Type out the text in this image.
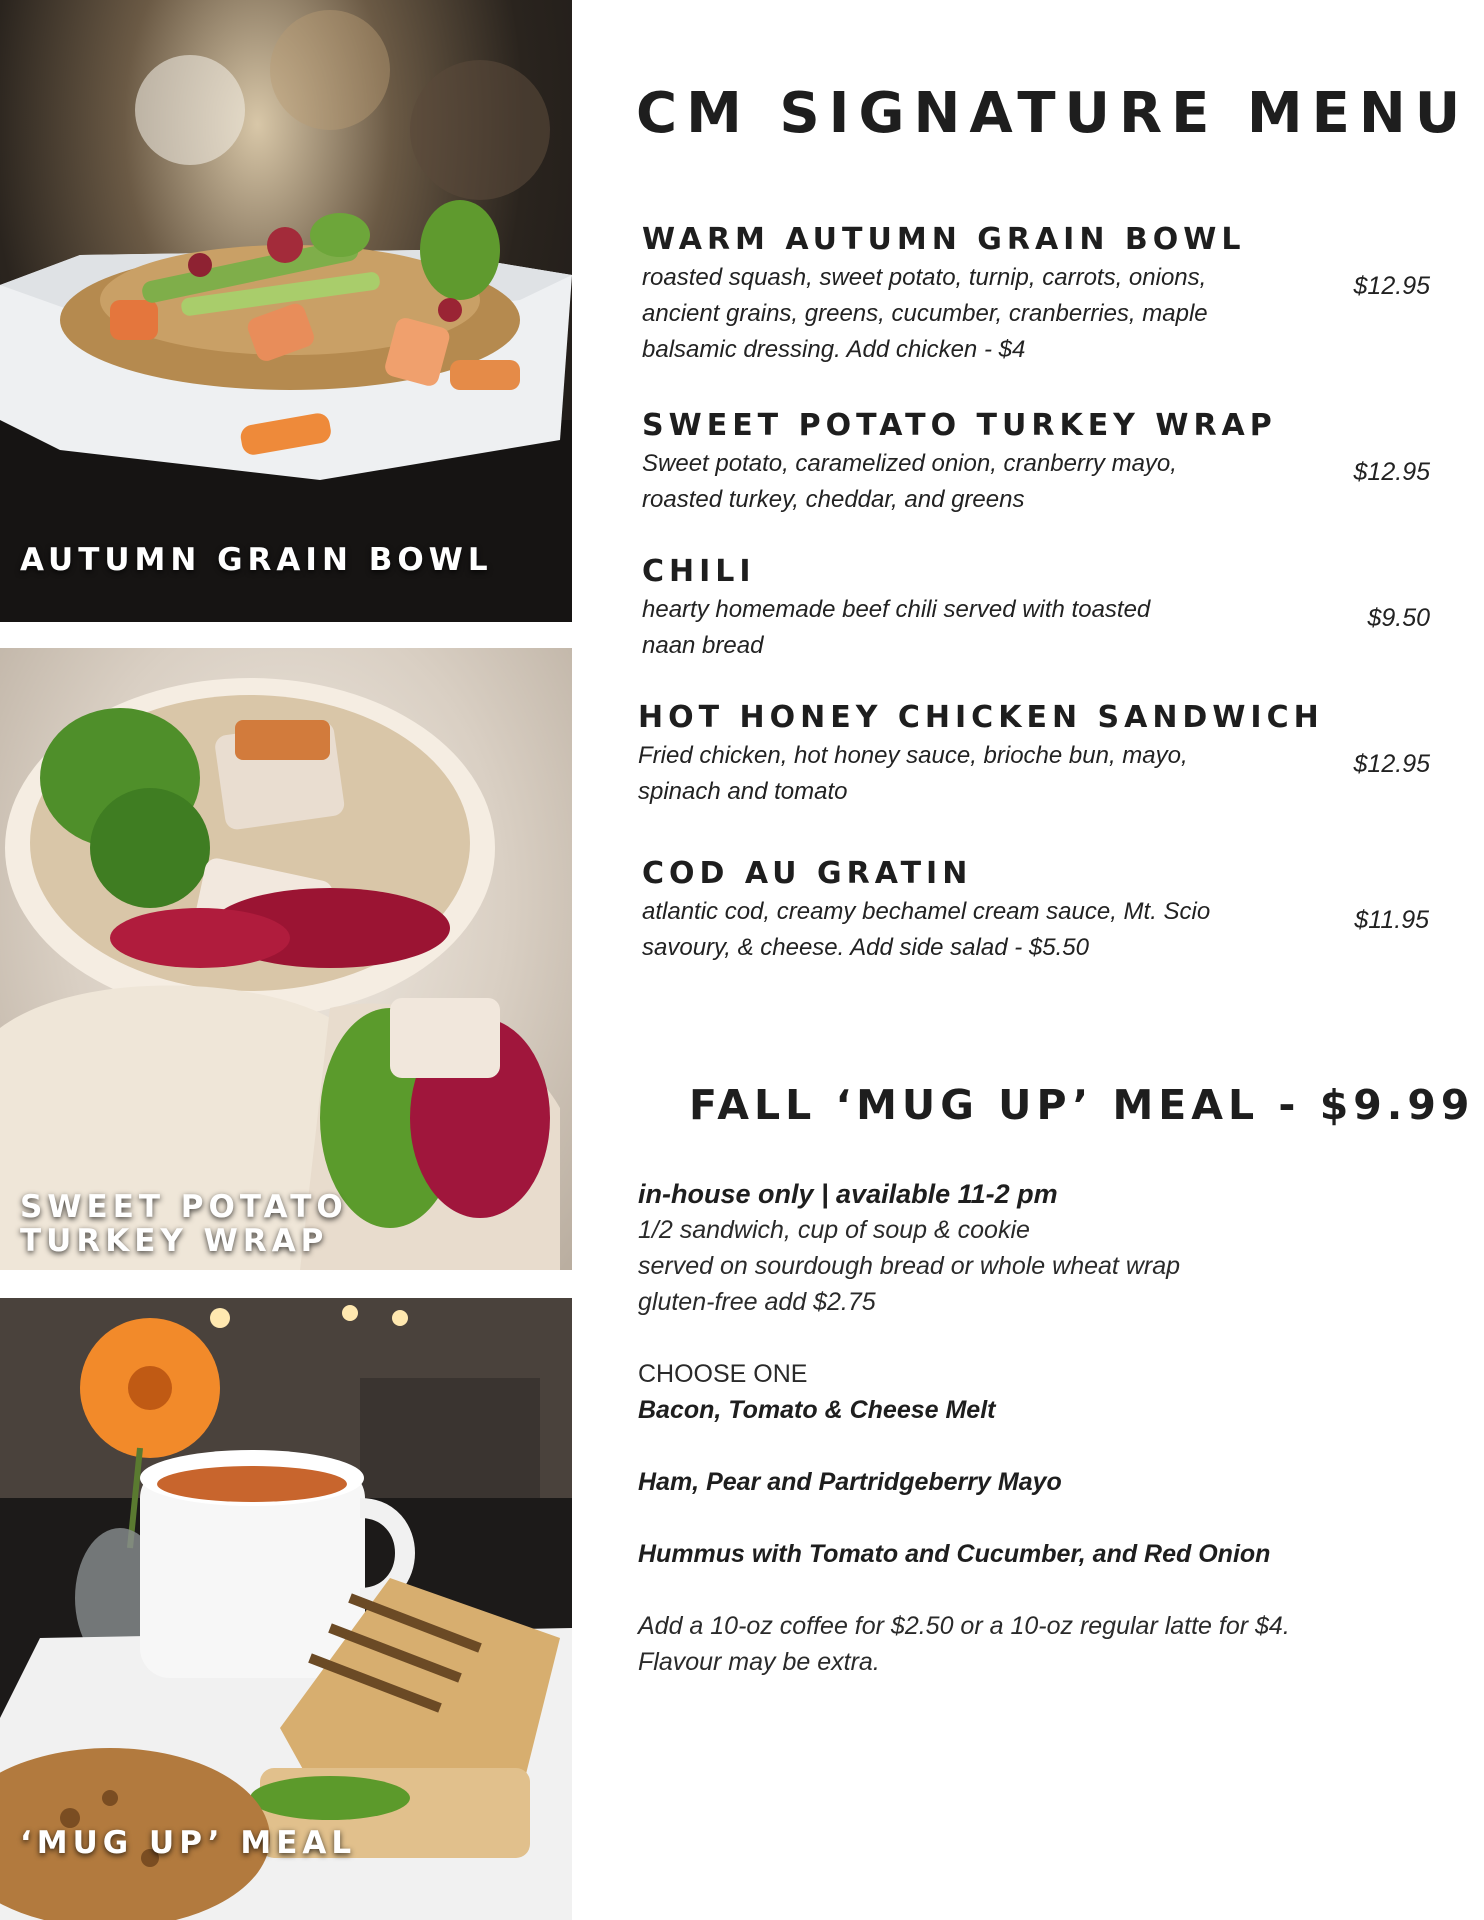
AUTUMN GRAIN BOWL

SWEET POTATO
TURKEY WRAP

‘MUG UP’ MEAL

CM SIGNATURE MENU
WARM AUTUMN GRAIN BOWL

roasted squash, sweet potato, turnip, carrots, onions, ancient grains, greens, cucumber, cranberries, maple balsamic dressing. Add chicken - $4

$12.95
SWEET POTATO TURKEY WRAP

Sweet potato, caramelized onion, cranberry mayo, roasted turkey, cheddar, and greens

$12.95
CHILI

hearty homemade beef chili served with toasted naan bread

$9.50
HOT HONEY CHICKEN SANDWICH

Fried chicken, hot honey sauce, brioche bun, mayo, spinach and tomato

$12.95
COD AU GRATIN

atlantic cod, creamy bechamel cream sauce, Mt. Scio savoury, & cheese. Add side salad - $5.50

$11.95
FALL ‘MUG UP’ MEAL - $9.99

in-house only | available 11-2 pm

1/2 sandwich, cup of soup & cookie

served on sourdough bread or whole wheat wrap

gluten-free add $2.75

CHOOSE ONE

Bacon, Tomato & Cheese Melt

Ham, Pear and Partridgeberry Mayo

Hummus with Tomato and Cucumber, and Red Onion

Add a 10-oz coffee for $2.50 or a 10-oz regular latte for $4.

Flavour may be extra.
